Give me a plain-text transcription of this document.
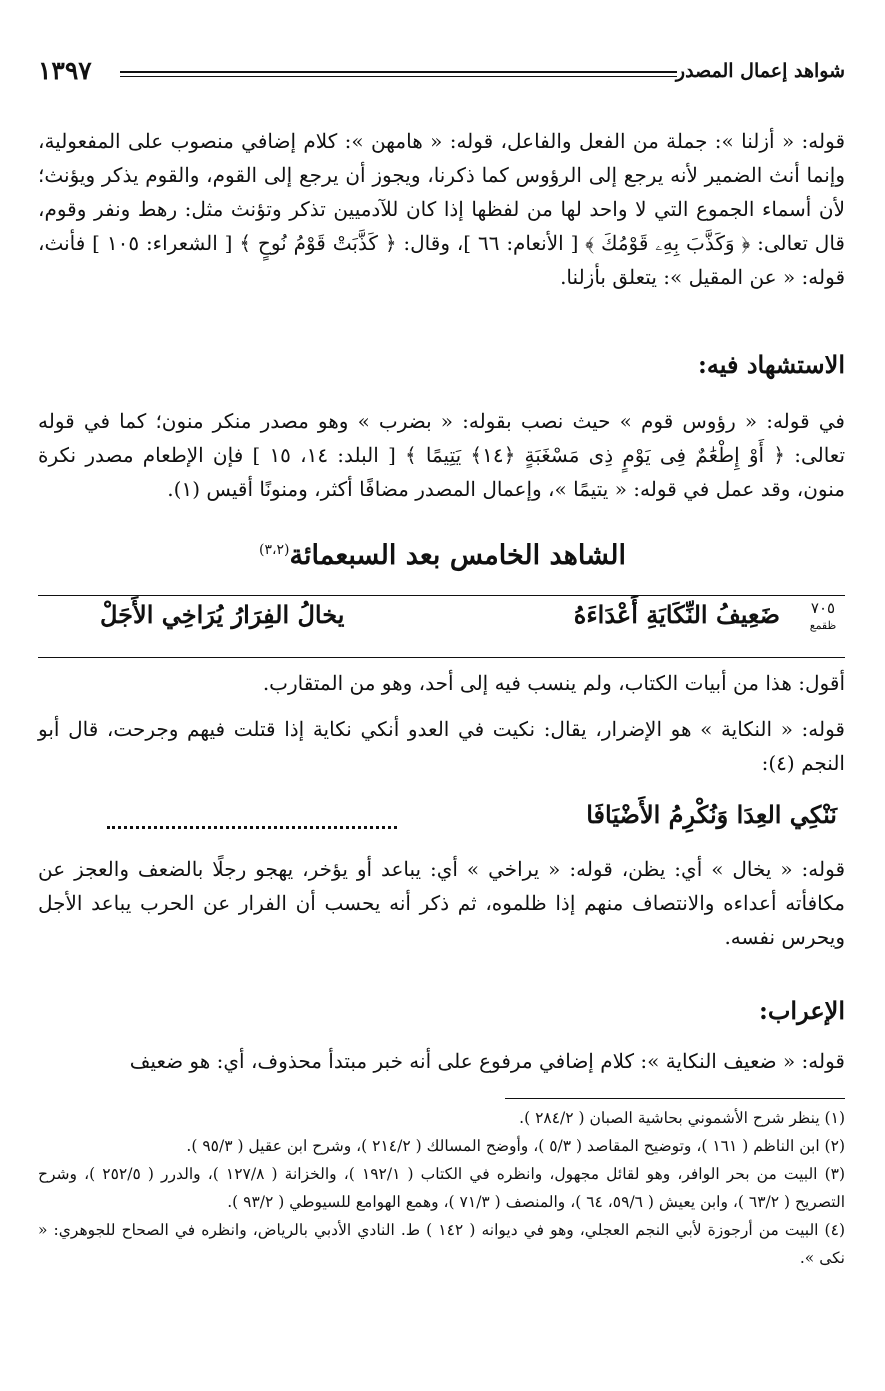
شواهد إعمال المصدر
١٣٩٧
قوله: « أزلنا »: جملة من الفعل والفاعل، قوله: « هامهن »: كلام إضافي منصوب على المفعولية، وإنما أنث الضمير لأنه يرجع إلى الرؤوس كما ذكرنا، ويجوز أن يرجع إلى القوم، والقوم يذكر ويؤنث؛ لأن أسماء الجموع التي لا واحد لها من لفظها إذا كان للآدميين تذكر وتؤنث مثل: رهط ونفر وقوم، قال تعالى: ﴿ وَكَذَّبَ بِهِۦ قَوْمُكَ ﴾ [ الأنعام: ٦٦ ]، وقال: ﴿ كَذَّبَتْ قَوْمُ نُوحٍ ﴾ [ الشعراء: ١٠٥ ] فأنث، قوله: « عن المقيل »: يتعلق بأزلنا.
الاستشهاد فيه:
في قوله: « رؤوس قوم » حيث نصب بقوله: « بضرب » وهو مصدر منكر منون؛ كما في قوله تعالى: ﴿ أَوْ إِطْعَٰمٌ فِى يَوْمٍ ذِى مَسْغَبَةٍ ﴿١٤﴾ يَتِيمًا ﴾ [ البلد: ١٤، ١٥ ] فإن الإطعام مصدر نكرة منون، وقد عمل في قوله: « يتيمًا »، وإعمال المصدر مضافًا أكثر، ومنونًا أقيس (١).
الشاهد الخامس بعد السبعمائة$^{(٣،٢)}$
٧٠٥
ظقمع
ضَعِيفُ النِّكَايَةِ أَعْدَاءَهُ
يخالُ الفِرَارُ يُرَاخِي الأَجَلْ
أقول: هذا من أبيات الكتاب، ولم ينسب فيه إلى أحد، وهو من المتقارب.
قوله: « النكاية » هو الإضرار، يقال: نكيت في العدو أنكي نكاية إذا قتلت فيهم وجرحت، قال أبو النجم (٤):
نَنْكِي العِدَا وَنُكْرِمُ الأَضْيَافَا
قوله: « يخال » أي: يظن، قوله: « يراخي » أي: يباعد أو يؤخر، يهجو رجلًا بالضعف والعجز عن مكافأته أعداءه والانتصاف منهم إذا ظلموه، ثم ذكر أنه يحسب أن الفرار عن الحرب يباعد الأجل ويحرس نفسه.
الإعراب:
قوله: « ضعيف النكاية »: كلام إضافي مرفوع على أنه خبر مبتدأ محذوف، أي: هو ضعيف
(١) ينظر شرح الأشموني بحاشية الصبان ( ٢٨٤/٢ ).
(٢) ابن الناظم ( ١٦١ )، وتوضيح المقاصد ( ٥/٣ )، وأوضح المسالك ( ٢١٤/٢ )، وشرح ابن عقيل ( ٩٥/٣ ).
(٣) البيت من بحر الوافر، وهو لقائل مجهول، وانظره في الكتاب ( ١٩٢/١ )، والخزانة ( ١٢٧/٨ )، والدرر ( ٢٥٢/٥ )، وشرح التصريح ( ٦٣/٢ )، وابن يعيش ( ٥٩/٦، ٦٤ )، والمنصف ( ٧١/٣ )، وهمع الهوامع للسيوطي ( ٩٣/٢ ).
(٤) البيت من أرجوزة لأبي النجم العجلي، وهو في ديوانه ( ١٤٢ ) ط. النادي الأدبي بالرياض، وانظره في الصحاح للجوهري: « نكى ».
